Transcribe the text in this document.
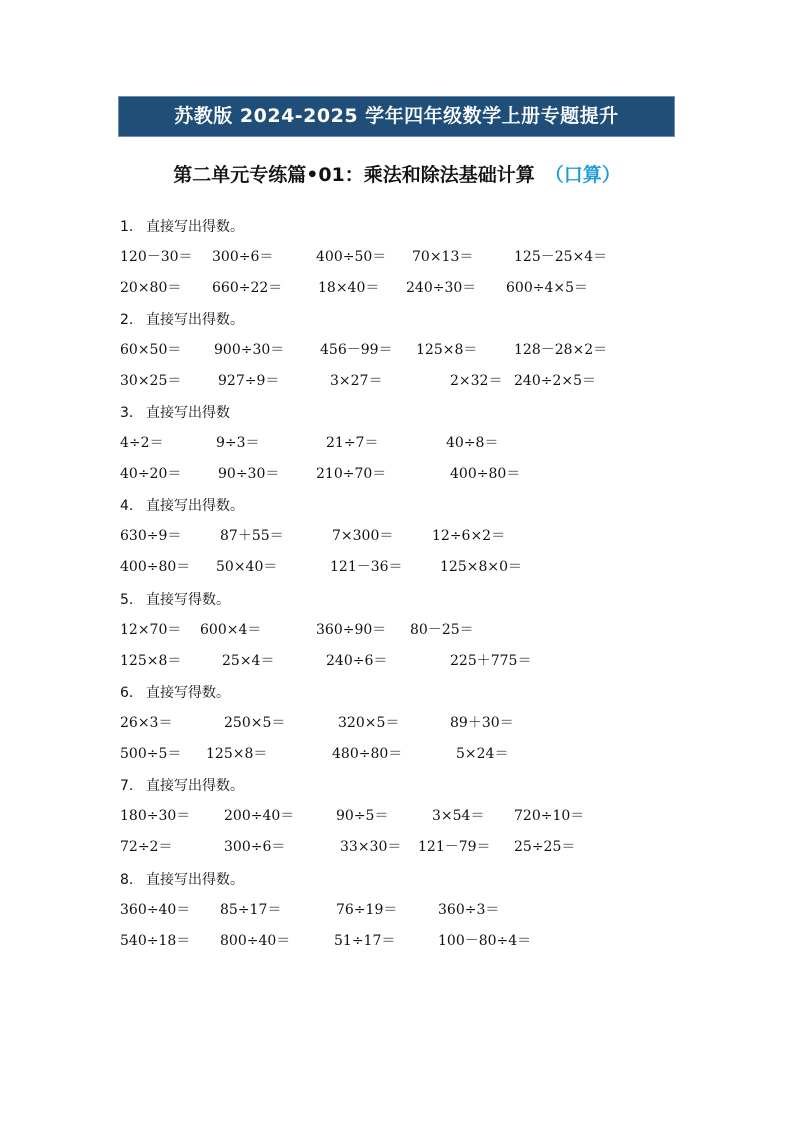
苏教版 2024-2025 学年四年级数学上册专题提升
第二单元专练篇•01：乘法和除法基础计算 （口算）
1. 直接写出得数。
120－30＝ 300÷6＝	400÷50＝ 70×13＝	125－25×4＝
20×80＝ 660÷22＝	18×40＝ 240÷30＝ 600÷4×5＝
2. 直接写出得数。
60×50＝ 900÷30＝	456－99＝ 125×8＝	128－28×2＝
30×25＝	927÷9＝	3×27＝	2×32＝ 240÷2×5＝
3. 直接写出得数
4÷2＝	9÷3＝	21÷7＝	40÷8＝
40÷20＝	90÷30＝	210÷70＝	400÷80＝
4. 直接写出得数。
630÷9＝	87＋55＝	7×300＝	12÷6×2＝
400÷80＝ 50×40＝	121－36＝	125×8×0＝
5. 直接写得数。
12×70＝ 600×4＝	360÷90＝ 80－25＝
125×8＝	25×4＝	240÷6＝	225＋775＝
6. 直接写得数。
26×3＝	250×5＝	320×5＝	89＋30＝
500÷5＝ 125×8＝	480÷80＝	5×24＝
7. 直接写出得数。
180÷30＝ 200÷40＝	90÷5＝	3×54＝ 720÷10＝
72÷2＝	300÷6＝	33×30＝ 121－79＝ 25÷25＝
8. 直接写出得数。
360÷40＝ 85÷17＝	76÷19＝	360÷3＝
540÷18＝ 800÷40＝	51÷17＝	100－80÷4＝
